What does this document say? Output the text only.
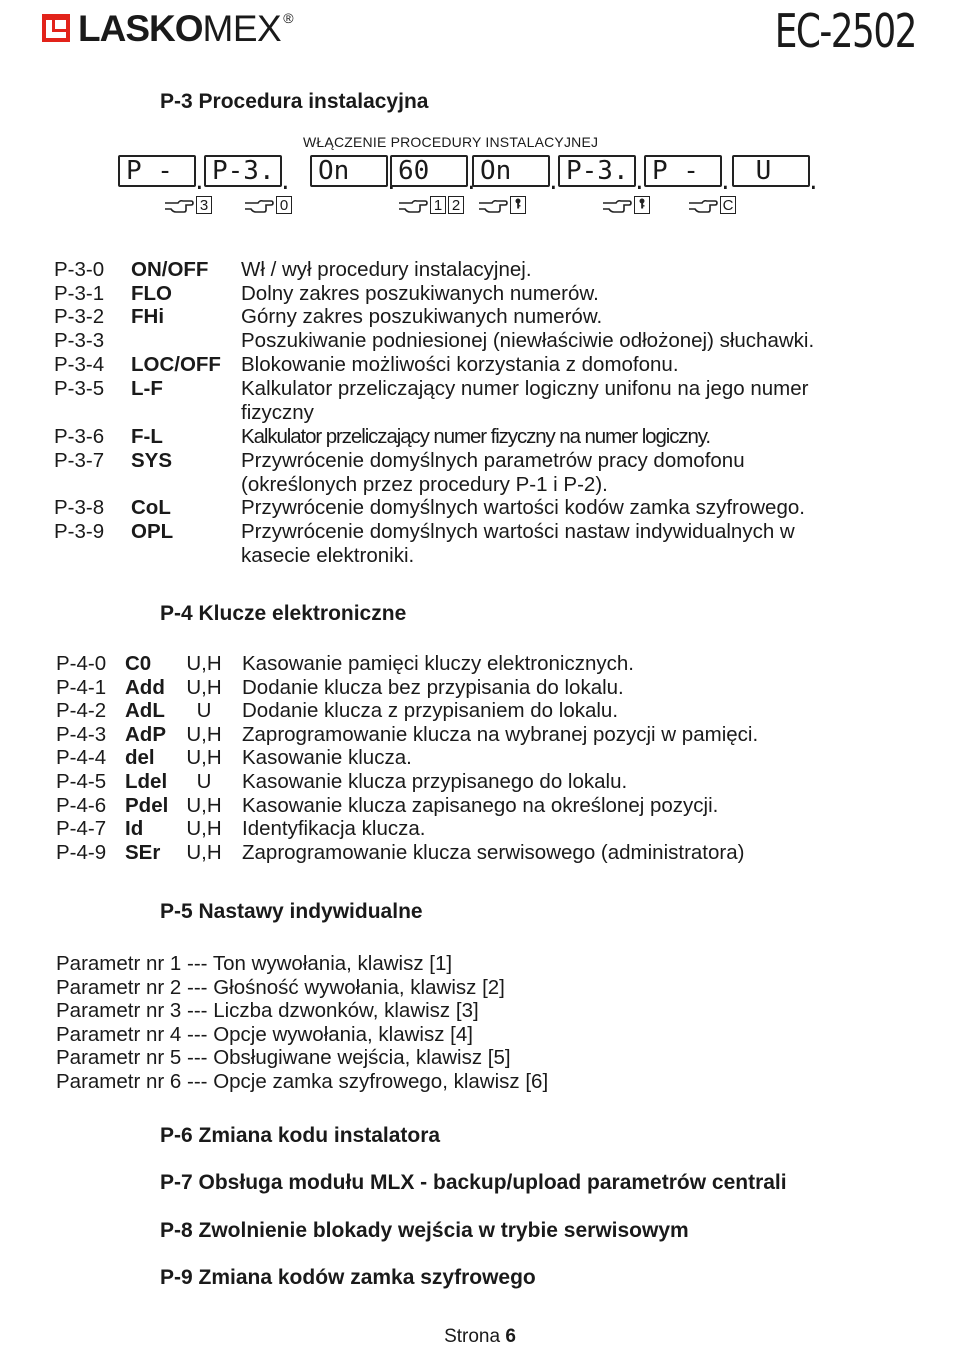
LASKOMEX ®	EC-2502
P-3 Procedura instalacyjna
WŁĄCZENIE PROCEDURY INSTALACYJNEJ
P - . P-3. .	On . 60 . On . P-3. . P - . U .
3	0	1 2	C
P-3-0 ON/OFF Wł / wył procedury instalacyjnej.
P-3-1 FLO	Dolny zakres poszukiwanych numerów.
P-3-2 FHi	Górny zakres poszukiwanych numerów.
P-3-3	Poszukiwanie podniesionej (niewłaściwie odłożonej) słuchawki.
P-3-4 LOC/OFF Blokowanie możliwości korzystania z domofonu.
P-3-5 L-F	Kalkulator przeliczający numer logiczny unifonu na jego numer
fizyczny
P-3-6 F-L	Kalkulator przeliczający numer fizyczny na numer logiczny.
P-3-7 SYS	Przywrócenie domyślnych parametrów pracy domofonu
(określonych przez procedury P-1 i P-2).
P-3-8 CoL	Przywrócenie domyślnych wartości kodów zamka szyfrowego.
P-3-9 OPL	Przywrócenie domyślnych wartości nastaw indywidualnych w
kasecie elektroniki.
P-4 Klucze elektroniczne
P-4-0 C0	U,H Kasowanie pamięci kluczy elektronicznych.
P-4-1 Add	U,H Dodanie klucza bez przypisania do lokalu.
P-4-2 AdL	U	Dodanie klucza z przypisaniem do lokalu.
P-4-3 AdP U,H Zaprogramowanie klucza na wybranej pozycji w pamięci.
P-4-4 del	U,H Kasowanie klucza.
P-4-5 Ldel	U	Kasowanie klucza przypisanego do lokalu.
P-4-6 Pdel U,H Kasowanie klucza zapisanego na określonej pozycji.
P-4-7 Id	U,H Identyfikacja klucza.
P-4-9 SEr	U,H Zaprogramowanie klucza serwisowego (administratora)
P-5 Nastawy indywidualne
Parametr nr 1 --- Ton wywołania, klawisz [1]
Parametr nr 2 --- Głośność wywołania, klawisz [2]
Parametr nr 3 --- Liczba dzwonków, klawisz [3]
Parametr nr 4 --- Opcje wywołania, klawisz [4]
Parametr nr 5 --- Obsługiwane wejścia, klawisz [5]
Parametr nr 6 --- Opcje zamka szyfrowego, klawisz [6]
P-6 Zmiana kodu instalatora
P-7 Obsługa modułu MLX - backup/upload parametrów centrali
P-8 Zwolnienie blokady wejścia w trybie serwisowym
P-9 Zmiana kodów zamka szyfrowego
Strona 6
